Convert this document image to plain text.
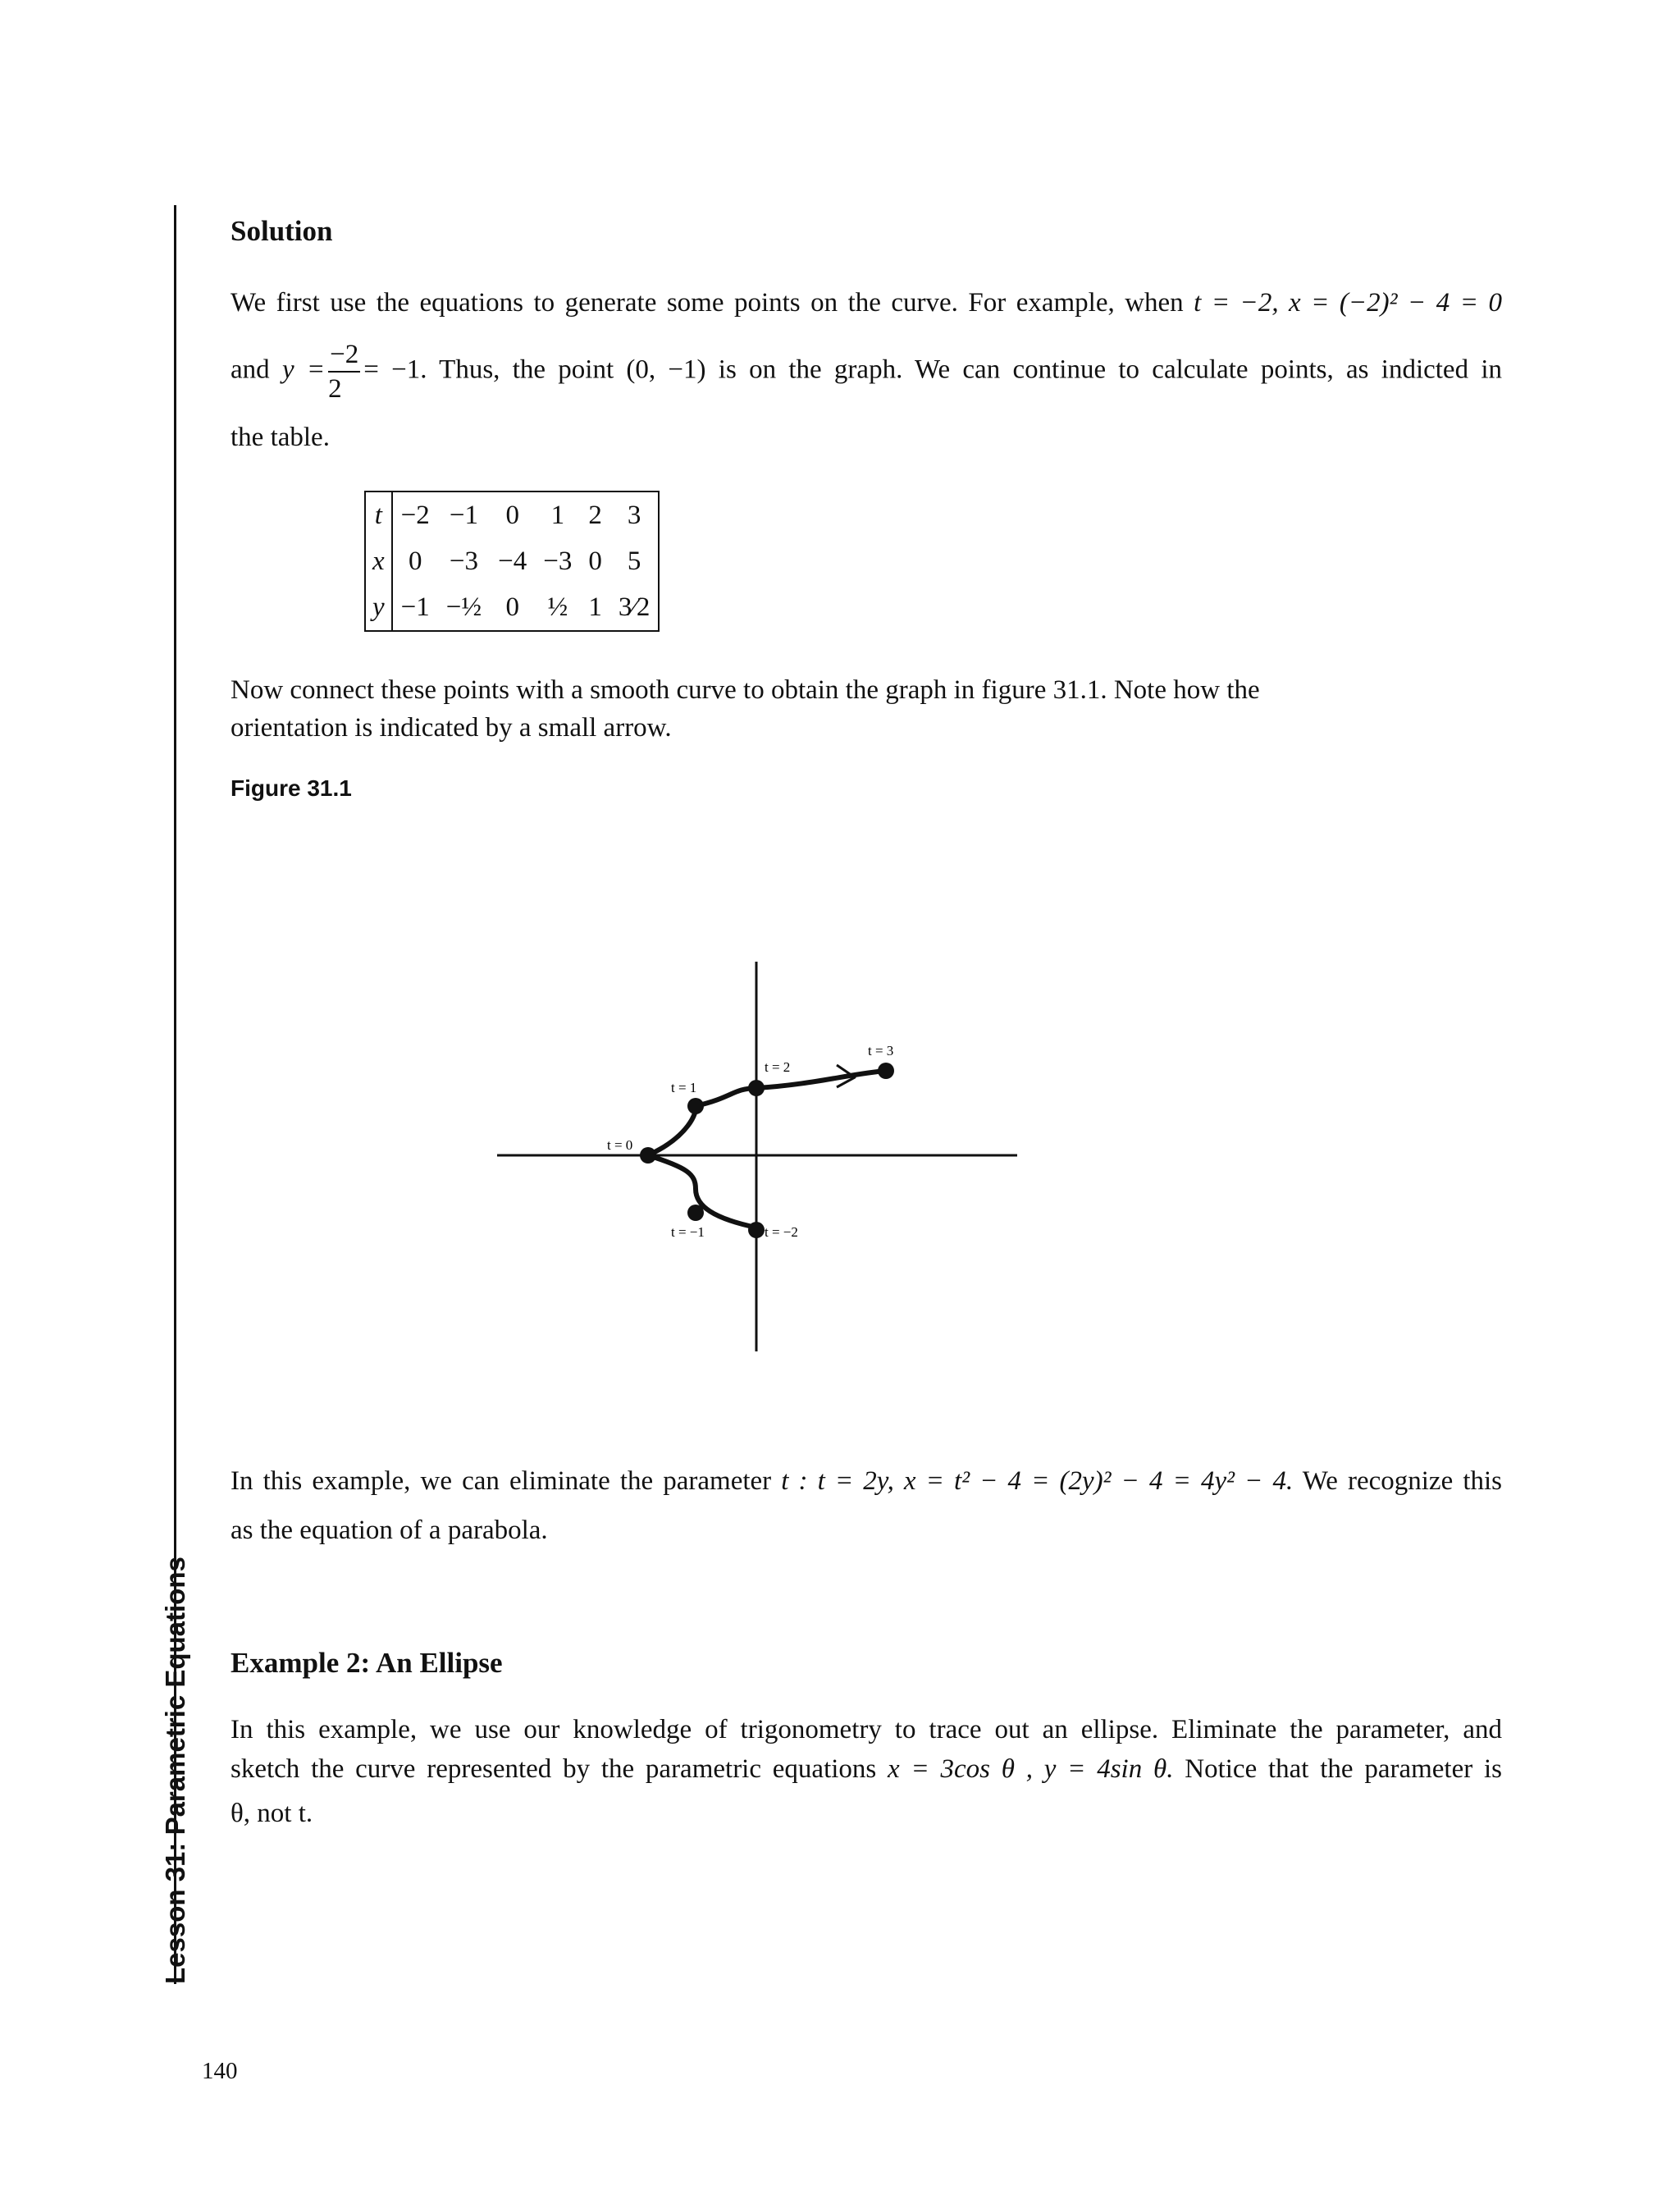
Lesson 31: Parametric Equations
Solution
We first use the equations to generate some points on the curve. For example, when t = −2, x = (−2)² − 4 = 0
and $y = \frac{-2}{2} = -1$. Thus, the point (0, −1) is on the graph. We can continue to calculate points, as indicted in
the table.
t	−2	−1	0	1	2	3
x	0	−3	−4	−3	0	5
y	−1	−½	0	½	1	3⁄2
Now connect these points with a smooth curve to obtain the graph in figure 31.1. Note how the
orientation is indicated by a small arrow.
Figure 31.1
t = 0
t = 1
t = 2
t = 3
t = −1	t = −2
In this example, we can eliminate the parameter t : t = 2y, x = t² − 4 = (2y)² − 4 = 4y² − 4. We recognize this
as the equation of a parabola.
Example 2: An Ellipse
In this example, we use our knowledge of trigonometry to trace out an ellipse. Eliminate the parameter, and
sketch the curve represented by the parametric equations x = 3cos θ , y = 4sin θ. Notice that the parameter is
θ, not t.
140
